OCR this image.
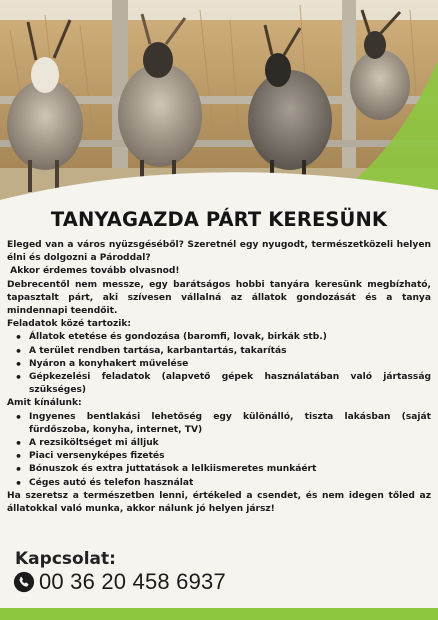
TANYAGAZDA PÁRT KERESÜNK

Eleged van a város nyüzsgéséből? Szeretnél egy nyugodt, természetközeli helyen élni és dolgozni a Pároddal?

Akkor érdemes tovább olvasnod!

Debrecentől nem messze, egy barátságos hobbi tanyára keresünk megbízható, tapasztalt párt, aki szívesen vállalná az állatok gondozását és a tanya mindennapi teendőit.

Feladatok közé tartozik:

• Állatok etetése és gondozása (baromfi, lovak, birkák stb.)
• A terület rendben tartása, karbantartás, takarítás
• Nyáron a konyhakert művelése
• Gépkezelési feladatok (alapvető gépek használatában való jártasság szükséges)

Amit kínálunk:

• Ingyenes bentlakási lehetőség egy különálló, tiszta lakásban (saját fürdőszoba, konyha, internet, TV)
• A rezsiköltséget mi álljuk
• Piaci versenyképes fizetés
• Bónuszok és extra juttatások a lelkiismeretes munkáért
• Céges autó és telefon használat

Ha szeretsz a természetben lenni, értékeled a csendet, és nem idegen tőled az állatokkal való munka, akkor nálunk jó helyen jársz!

Kapcsolat:
00 36 20 458 6937
